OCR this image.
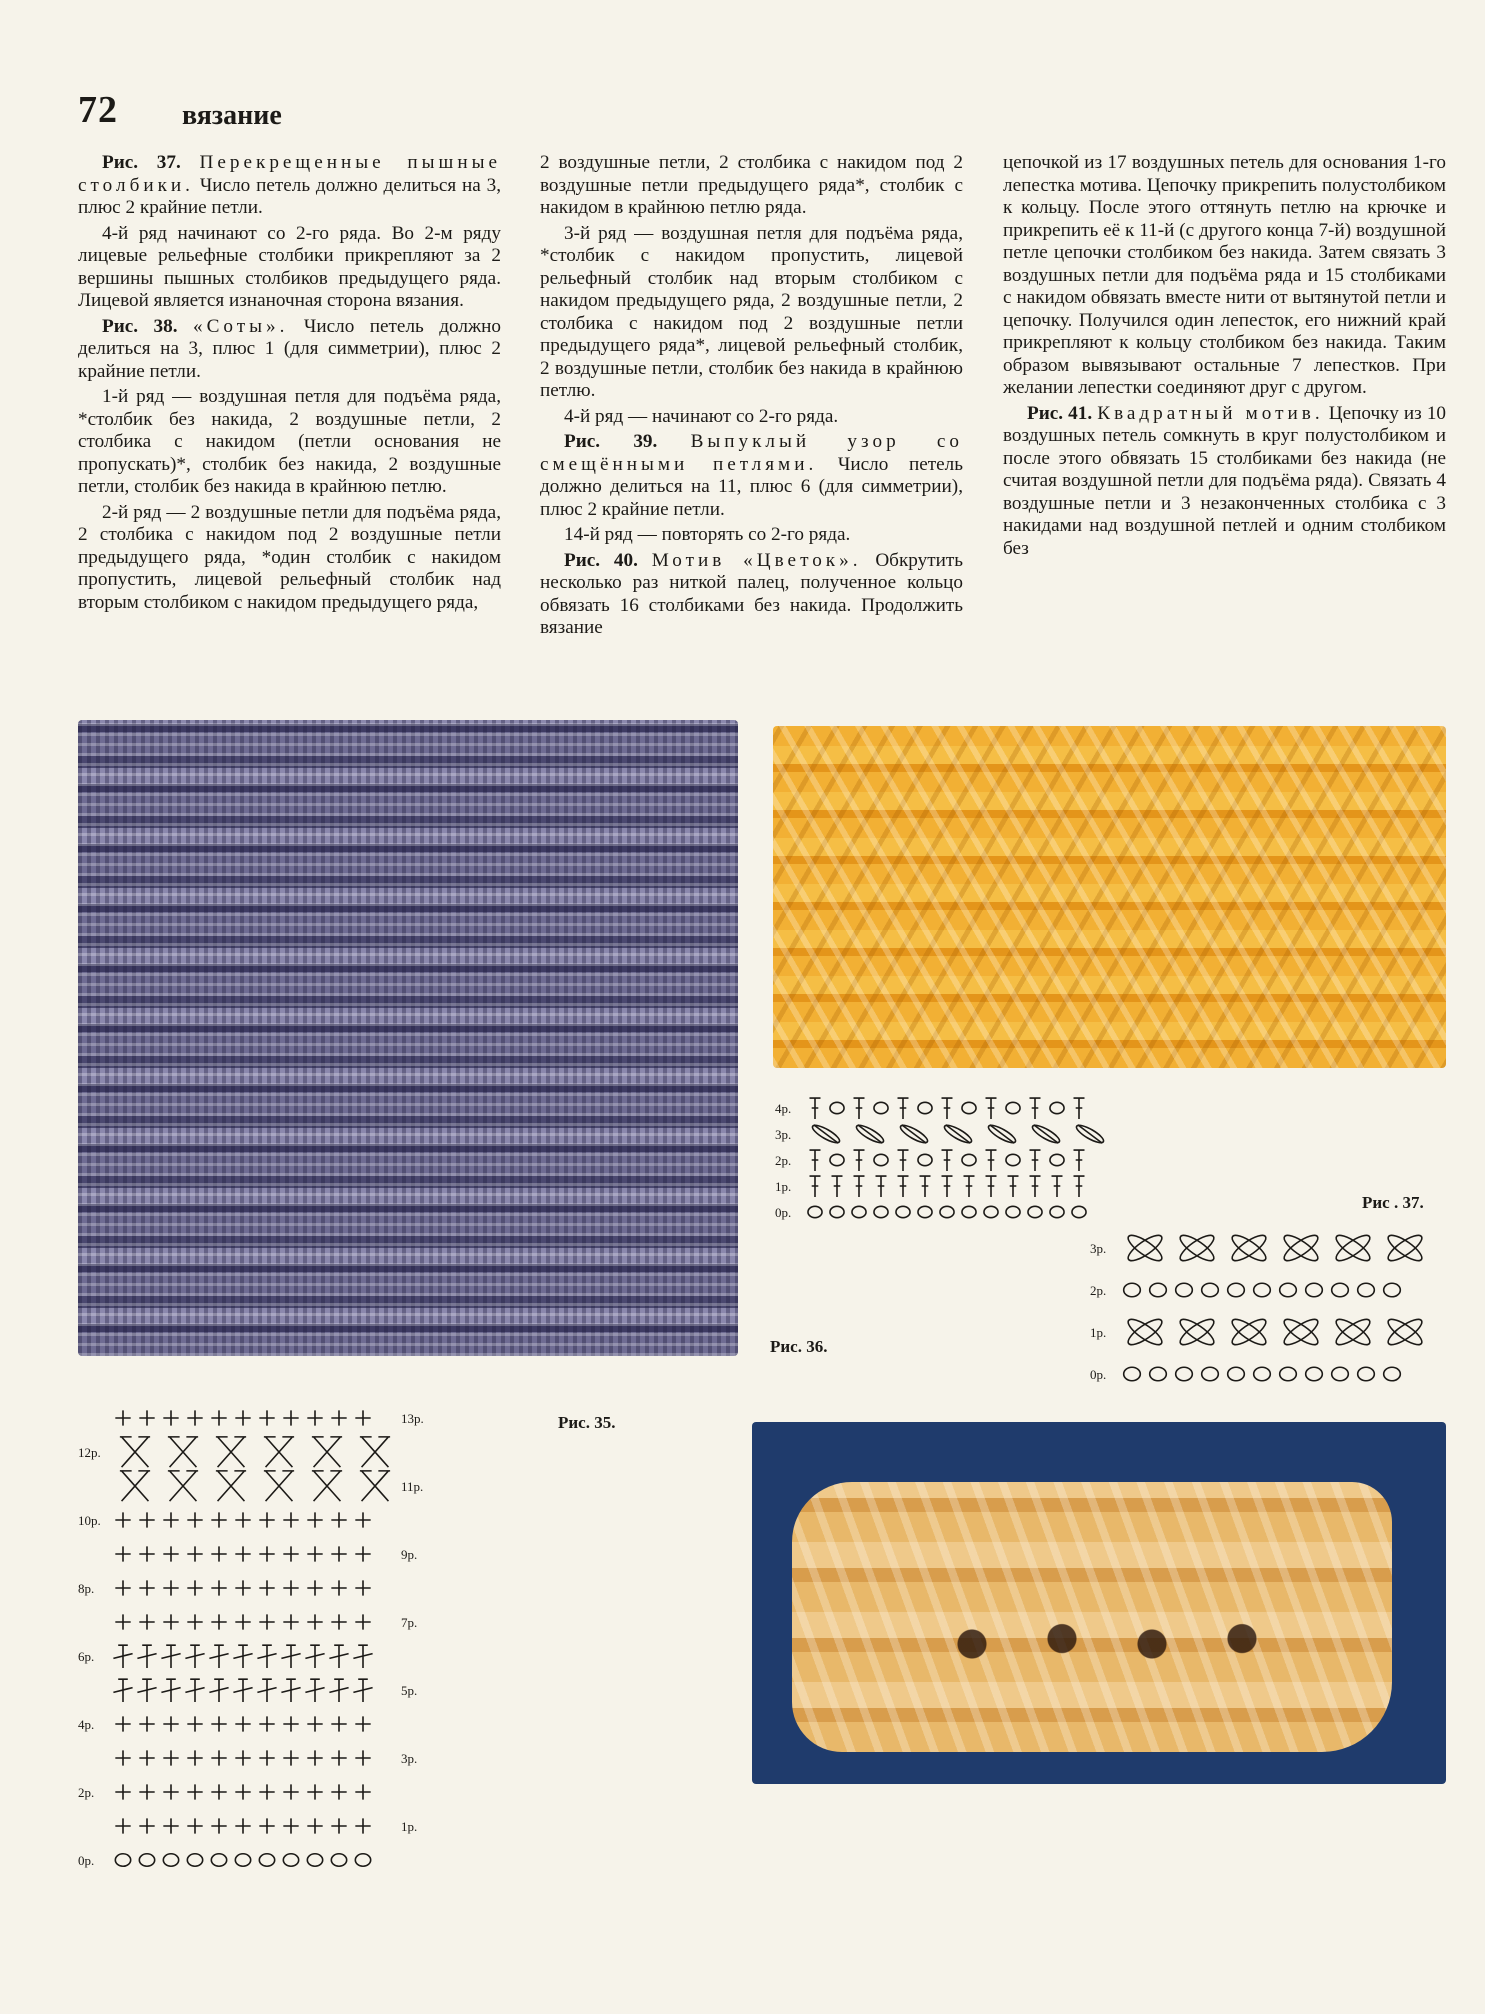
72 вязание

Рис. 37. Перекрещенные пышные столбики. Число петель должно делиться на 3, плюс 2 крайние петли.

4-й ряд начинают со 2-го ряда. Во 2-м ряду лицевые рельефные столбики прикрепляют за 2 вершины пышных столбиков предыдущего ряда. Лицевой является изнаночная сторона вязания.

Рис. 38. «Соты». Число петель должно делиться на 3, плюс 1 (для симметрии), плюс 2 крайние петли.

1-й ряд — воздушная петля для подъёма ряда, *столбик без накида, 2 воздушные петли, 2 столбика с накидом (петли основания не пропускать)*, столбик без накида, 2 воздушные петли, столбик без накида в крайнюю петлю.

2-й ряд — 2 воздушные петли для подъёма ряда, 2 столбика с накидом под 2 воздушные петли предыдущего ряда, *один столбик с накидом пропустить, лицевой рельефный столбик над вторым столбиком с накидом предыдущего ряда,

2 воздушные петли, 2 столбика с накидом под 2 воздушные петли предыдущего ряда*, столбик с накидом в крайнюю петлю ряда.

3-й ряд — воздушная петля для подъёма ряда, *столбик с накидом пропустить, лицевой рельефный столбик над вторым столбиком с накидом предыдущего ряда, 2 воздушные петли, 2 столбика с накидом под 2 воздушные петли предыдущего ряда*, лицевой рельефный столбик, 2 воздушные петли, столбик без накида в крайнюю петлю.

4-й ряд — начинают со 2-го ряда.

Рис. 39. Выпуклый узор со смещёнными петлями. Число петель должно делиться на 11, плюс 6 (для симметрии), плюс 2 крайние петли.

14-й ряд — повторять со 2-го ряда.

Рис. 40. Мотив «Цветок». Обкрутить несколько раз ниткой палец, полученное кольцо обвязать 16 столбиками без накида. Продолжить вязание

цепочкой из 17 воздушных петель для основания 1-го лепестка мотива. Цепочку прикрепить полустолбиком к кольцу. После этого оттянуть петлю на крючке и прикрепить её к 11-й (с другого конца 7-й) воздушной петле цепочки столбиком без накида. Затем связать 3 воздушных петли для подъёма ряда и 15 столбиками с накидом обвязать вместе нити от вытянутой петли и цепочку. Получился один лепесток, его нижний край прикрепляют к кольцу столбиком без накида. Таким образом вывязывают остальные 7 лепестков. При желании лепестки соединяют друг с другом.

Рис. 41. Квадратный мотив. Цепочку из 10 воздушных петель сомкнуть в круг полустолбиком и после этого обвязать 15 столбиками без накида (не считая воздушной петли для подъёма ряда). Связать 4 воздушные петли и 3 незаконченных столбика с 3 накидами над воздушной петлей и одним столбиком без

Рис. 36.
Рис . 37.
Рис. 35.
4р.
3р.
2р.
1р.
0р.
3р.
2р.
1р.
0р.
13р.
12р.
11р.
10р.
9р.
8р.
7р.
6р.
5р.
4р.
3р.
2р.
1р.
0р.
